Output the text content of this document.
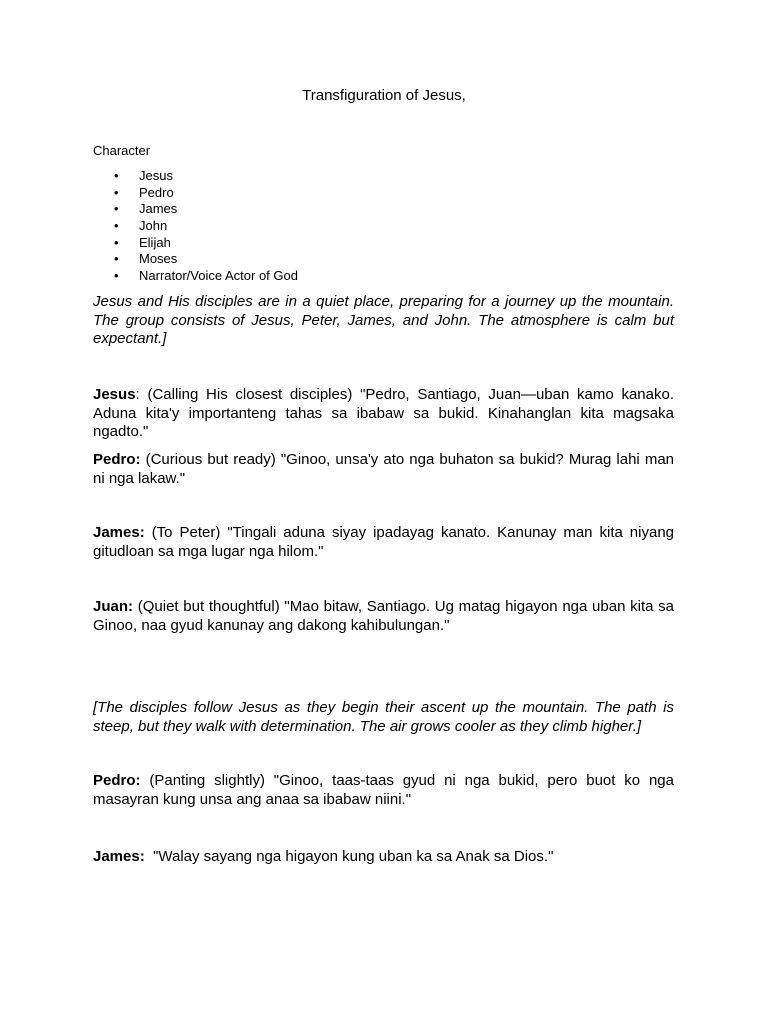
Transfiguration of Jesus,
Character
• Jesus
• Pedro
• James
• John
• Elijah
• Moses
• Narrator/Voice Actor of God

Jesus and His disciples are in a quiet place, preparing for a journey up the mountain. The group consists of Jesus, Peter, James, and John. The atmosphere is calm but expectant.]

Jesus: (Calling His closest disciples) "Pedro, Santiago, Juan—uban kamo kanako. Aduna kita'y importanteng tahas sa ibabaw sa bukid. Kinahanglan kita magsaka ngadto."

Pedro: (Curious but ready) "Ginoo, unsa'y ato nga buhaton sa bukid? Murag lahi man ni nga lakaw."

James: (To Peter) "Tingali aduna siyay ipadayag kanato. Kanunay man kita niyang gitudloan sa mga lugar nga hilom."

Juan: (Quiet but thoughtful) "Mao bitaw, Santiago. Ug matag higayon nga uban kita sa Ginoo, naa gyud kanunay ang dakong kahibulungan."

[The disciples follow Jesus as they begin their ascent up the mountain. The path is steep, but they walk with determination. The air grows cooler as they climb higher.]

Pedro: (Panting slightly) "Ginoo, taas-taas gyud ni nga bukid, pero buot ko nga masayran kung unsa ang anaa sa ibabaw niini."

James: "Walay sayang nga higayon kung uban ka sa Anak sa Dios."
